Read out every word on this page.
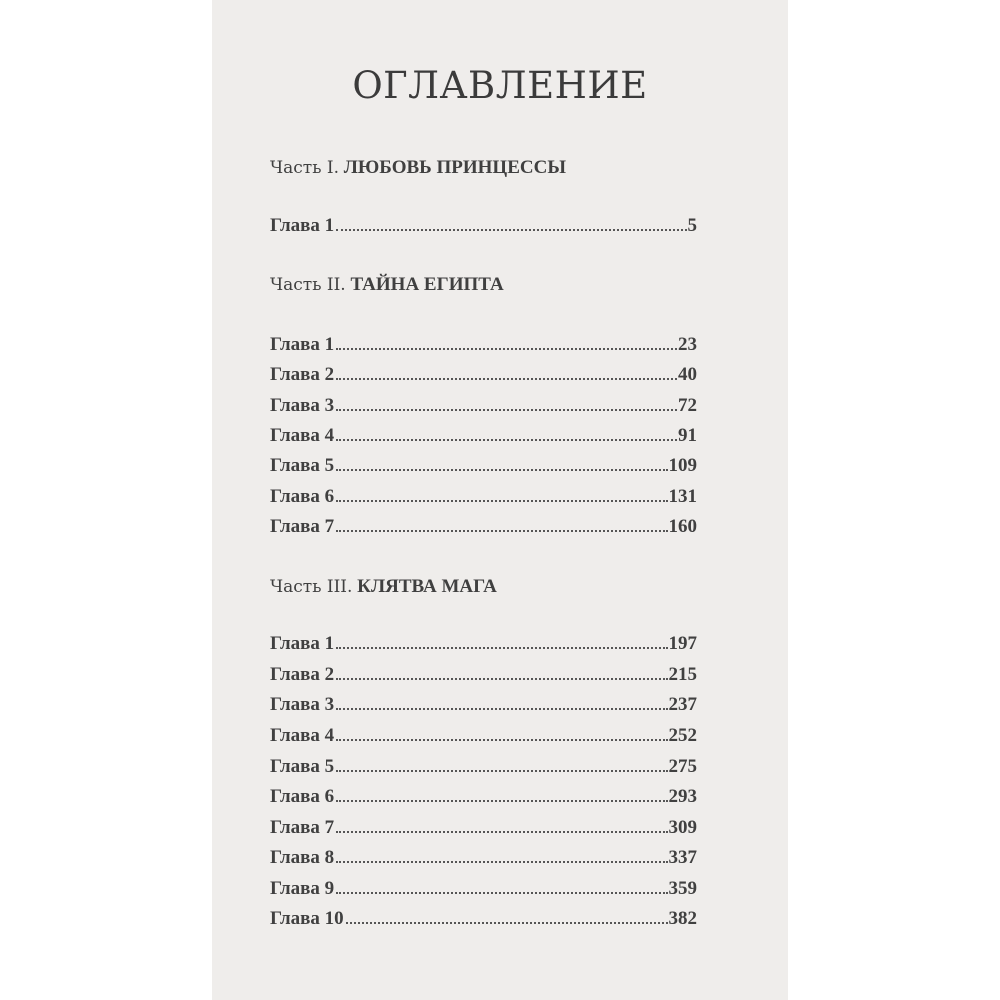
ОГЛАВЛЕНИЕ
Часть I. ЛЮБОВЬ ПРИНЦЕССЫ
Глава 1	5
Часть II. ТАЙНА ЕГИПТА
Глава 1	23
Глава 2	40
Глава 3	72
Глава 4	91
Глава 5	109
Глава 6	131
Глава 7	160
Часть III. КЛЯТВА МАГА
Глава 1	197
Глава 2	215
Глава 3	237
Глава 4	252
Глава 5	275
Глава 6	293
Глава 7	309
Глава 8	337
Глава 9	359
Глава 10	382
